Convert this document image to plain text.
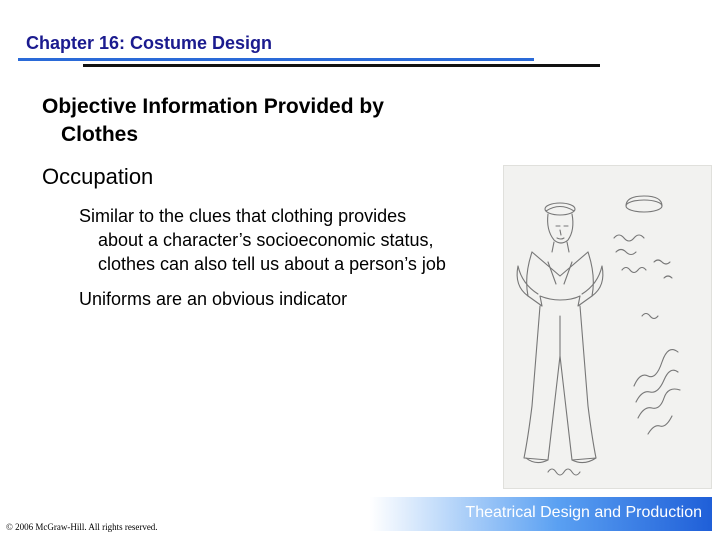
Chapter 16: Costume Design
Objective Information Provided by
Clothes
Occupation
Similar to the clues that clothing provides
about a character’s socioeconomic status,
clothes can also tell us about a person’s job
Uniforms are an obvious indicator
Theatrical Design and Production
© 2006 McGraw-Hill. All rights reserved.
